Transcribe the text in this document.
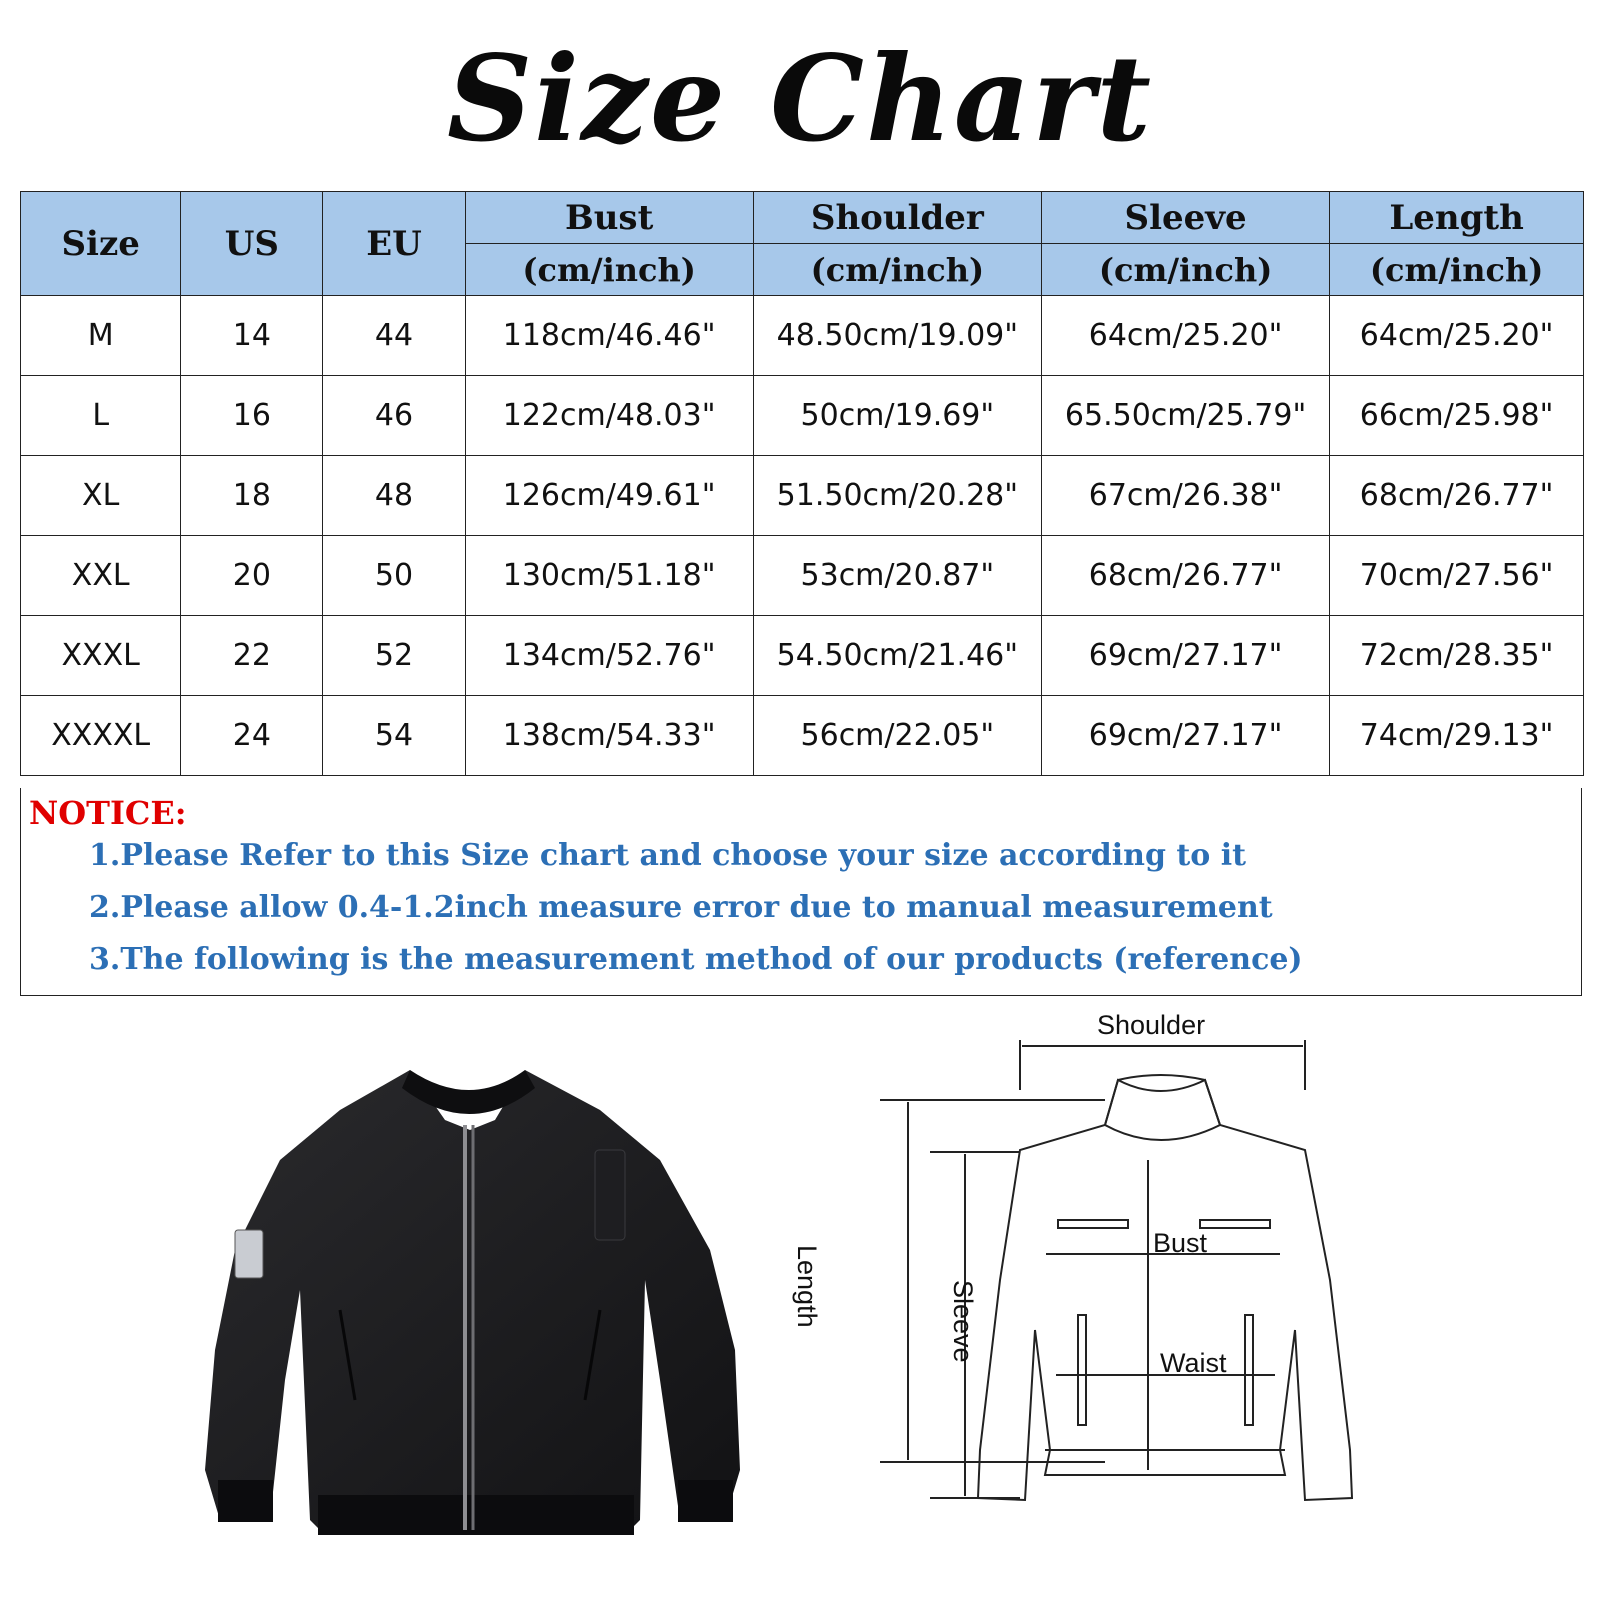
Size Chart
Size	US	EU	Bust	Shoulder	Sleeve	Length
			(cm/inch)	(cm/inch)	(cm/inch)	(cm/inch)
M	14	44	118cm/46.46"	48.50cm/19.09"	64cm/25.20"	64cm/25.20"
L	16	46	122cm/48.03"	50cm/19.69"	65.50cm/25.79"	66cm/25.98"
XL	18	48	126cm/49.61"	51.50cm/20.28"	67cm/26.38"	68cm/26.77"
XXL	20	50	130cm/51.18"	53cm/20.87"	68cm/26.77"	70cm/27.56"
XXXL	22	52	134cm/52.76"	54.50cm/21.46"	69cm/27.17"	72cm/28.35"
XXXXL	24	54	138cm/54.33"	56cm/22.05"	69cm/27.17"	74cm/29.13"
NOTICE:
1.Please Refer to this Size chart and choose your size according to it
2.Please allow 0.4-1.2inch measure error due to manual measurement
3.The following is the measurement method of our products (reference)
Shoulder
Bust
Waist
Length	Sleeve
